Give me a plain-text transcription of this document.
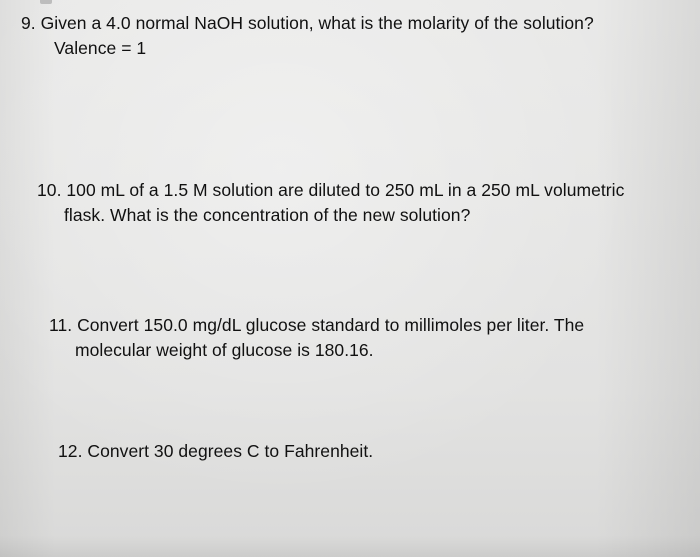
9. Given a 4.0 normal NaOH solution, what is the molarity of the solution?
Valence = 1
10. 100 mL of a 1.5 M solution are diluted to 250 mL in a 250 mL volumetric
flask. What is the concentration of the new solution?
11. Convert 150.0 mg/dL glucose standard to millimoles per liter. The
molecular weight of glucose is 180.16.
12. Convert 30 degrees C to Fahrenheit.
